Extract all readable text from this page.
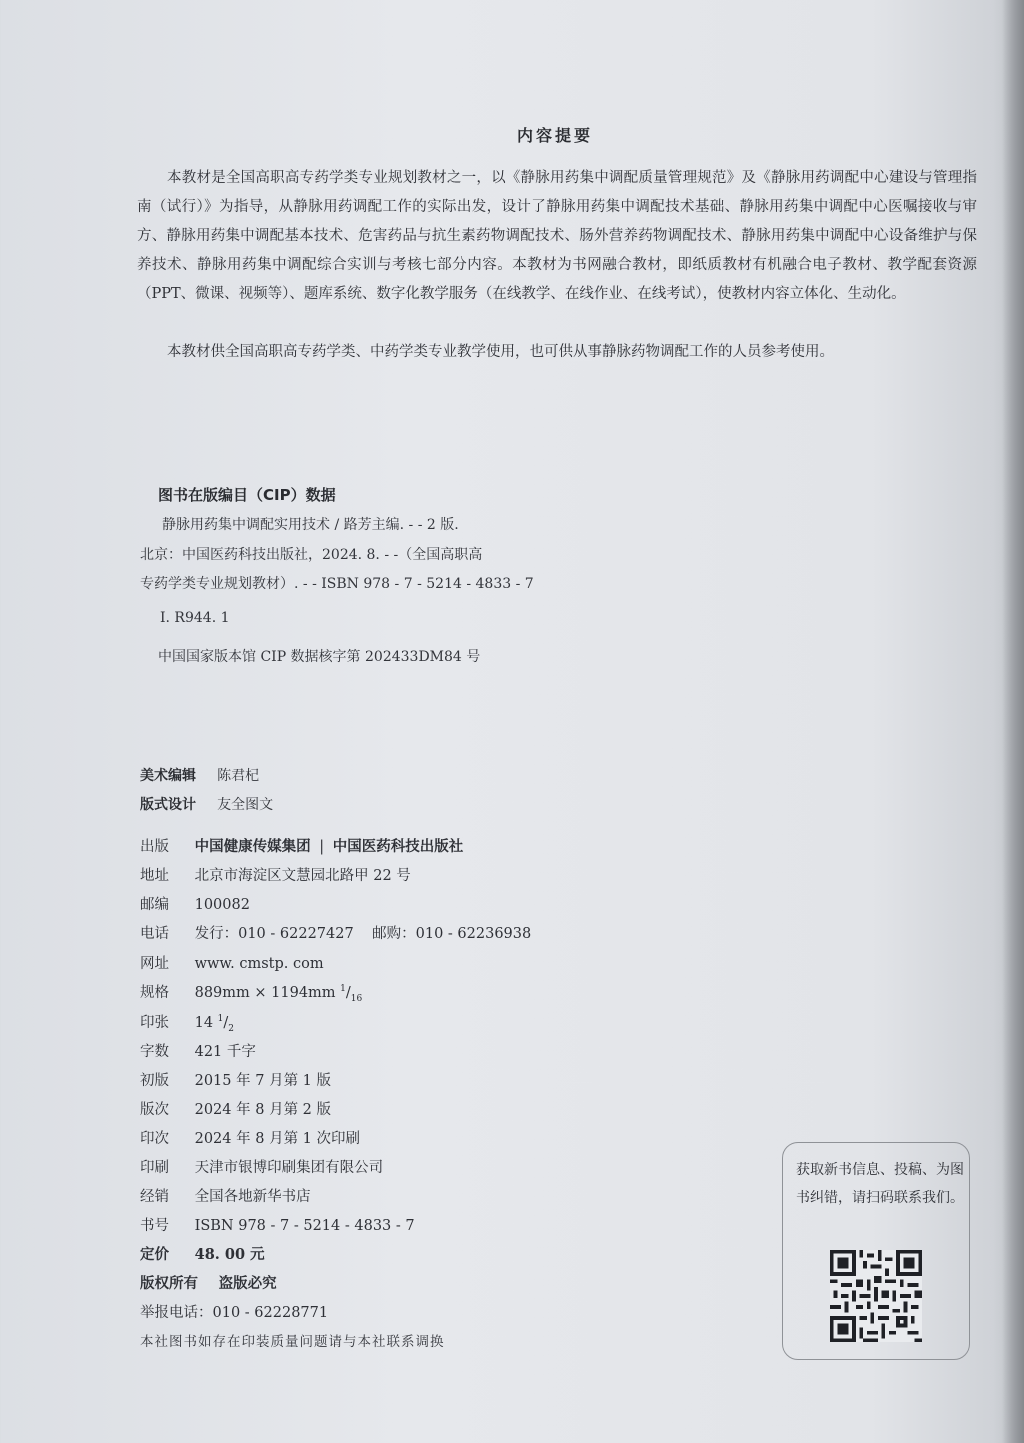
内容提要
本教材是全国高职高专药学类专业规划教材之一，以《静脉用药集中调配质量管理规范》及《静脉用药调配中心建设与管理指南（试行）》为指导，从静脉用药调配工作的实际出发，设计了静脉用药集中调配技术基础、静脉用药集中调配中心医嘱接收与审方、静脉用药集中调配基本技术、危害药品与抗生素药物调配技术、肠外营养药物调配技术、静脉用药集中调配中心设备维护与保养技术、静脉用药集中调配综合实训与考核七部分内容。本教材为书网融合教材，即纸质教材有机融合电子教材、教学配套资源（PPT、微课、视频等）、题库系统、数字化教学服务（在线教学、在线作业、在线考试），使教材内容立体化、生动化。
本教材供全国高职高专药学类、中药学类专业教学使用，也可供从事静脉药物调配工作的人员参考使用。
图书在版编目（CIP）数据
静脉用药集中调配实用技术 / 路芳主编. - - 2 版.
北京：中国医药科技出版社，2024. 8. - -（全国高职高
专药学类专业规划教材）. - - ISBN 978 - 7 - 5214 - 4833 - 7
Ⅰ. R944. 1
中国国家版本馆 CIP 数据核字第 202433DM84 号
美术编辑 陈君杞
版式设计 友全图文
出版 中国健康传媒集团 | 中国医药科技出版社
地址 北京市海淀区文慧园北路甲 22 号
邮编 100082
电话 发行：010 - 62227427    邮购：010 - 62236938
网址 www. cmstp. com
规格 889mm × 1194mm $^1/_{16}$
印张 14 $^1/_2$
字数 421 千字
初版 2015 年 7 月第 1 版
版次 2024 年 8 月第 2 版
印次 2024 年 8 月第 1 次印刷
印刷 天津市银博印刷集团有限公司
经销 全国各地新华书店
书号 ISBN 978 - 7 - 5214 - 4833 - 7
定价 48. 00 元
版权所有 盗版必究
举报电话：010 - 62228771
本社图书如存在印装质量问题请与本社联系调换
获取新书信息、投稿、为图书纠错，请扫码联系我们。
